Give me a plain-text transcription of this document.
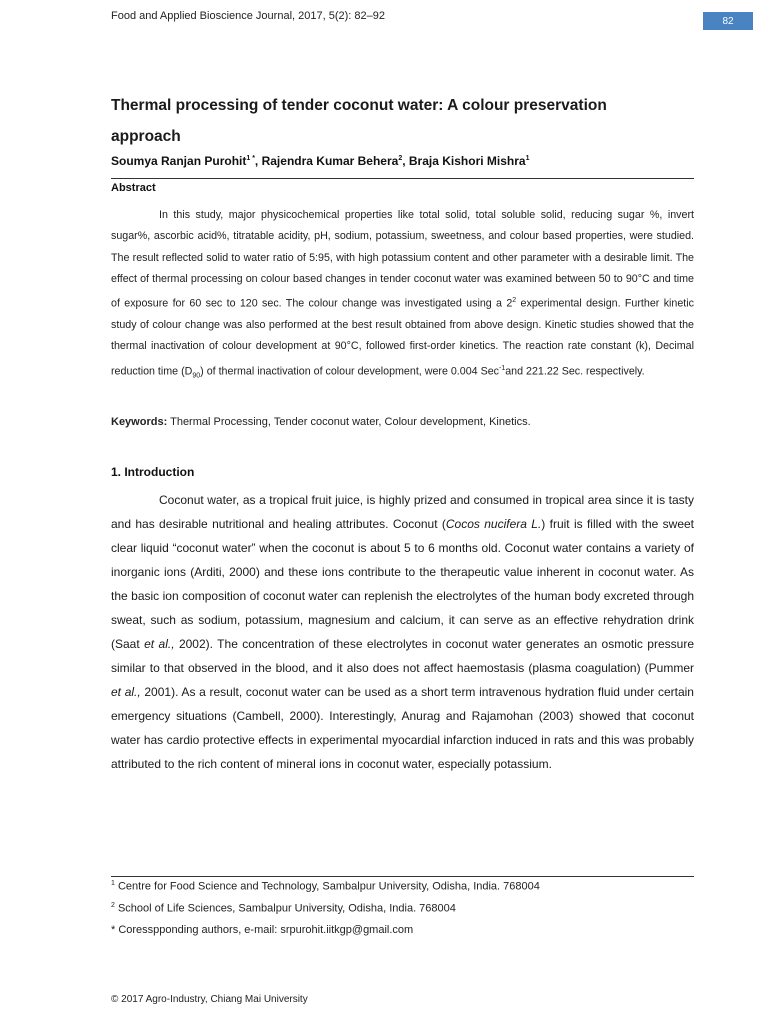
Food and Applied Bioscience Journal, 2017, 5(2): 82–92	82
Thermal processing of tender coconut water: A colour preservation approach
Soumya Ranjan Purohit$^{1 *}$, Rajendra Kumar Behera$^2$, Braja Kishori Mishra$^1$
Abstract

In this study, major physicochemical properties like total solid, total soluble solid, reducing sugar %, invert sugar%, ascorbic acid%, titratable acidity, pH, sodium, potassium, sweetness, and colour based properties, were studied. The result reflected solid to water ratio of 5:95, with high potassium content and other parameter with a desirable limit. The effect of thermal processing on colour based changes in tender coconut water was examined between 50 to 90°C and time of exposure for 60 sec to 120 sec. The colour change was investigated using a $2^2$ experimental design. Further kinetic study of colour change was also performed at the best result obtained from above design. Kinetic studies showed that the thermal inactivation of colour development at 90°C, followed first-order kinetics. The reaction rate constant (k), Decimal reduction time $(D_{90})$ of thermal inactivation of colour development, were 0.004 Sec$^{-1}$and 221.22 Sec. respectively.

Keywords: Thermal Processing, Tender coconut water, Colour development, Kinetics.
1. Introduction

Coconut water, as a tropical fruit juice, is highly prized and consumed in tropical area since it is tasty and has desirable nutritional and healing attributes. Coconut (Cocos nucifera L.) fruit is filled with the sweet clear liquid “coconut water” when the coconut is about 5 to 6 months old. Coconut water contains a variety of inorganic ions (Arditi, 2000) and these ions contribute to the therapeutic value inherent in coconut water. As the basic ion composition of coconut water can replenish the electrolytes of the human body excreted through sweat, such as sodium, potassium, magnesium and calcium, it can serve as an effective rehydration drink (Saat et al., 2002). The concentration of these electrolytes in coconut water generates an osmotic pressure similar to that observed in the blood, and it also does not affect haemostasis (plasma coagulation) (Pummer et al., 2001). As a result, coconut water can be used as a short term intravenous hydration fluid under certain emergency situations (Cambell, 2000). Interestingly, Anurag and Rajamohan (2003) showed that coconut water has cardio protective effects in experimental myocardial infarction induced in rats and this was probably attributed to the rich content of mineral ions in coconut water, especially potassium.

$^1$ Centre for Food Science and Technology, Sambalpur University, Odisha, India. 768004
$^2$ School of Life Sciences, Sambalpur University, Odisha, India. 768004
* Coresspponding authors, e-mail: srpurohit.iitkgp@gmail.com
© 2017 Agro-Industry, Chiang Mai University
